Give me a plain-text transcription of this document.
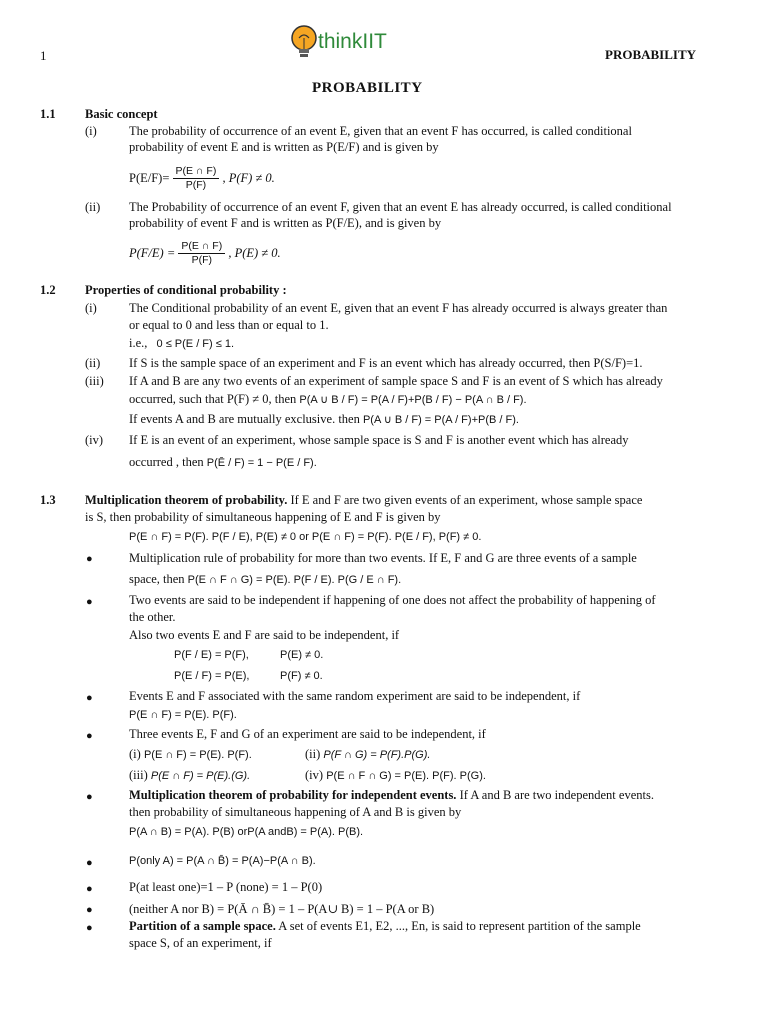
1
thinkIIT
PROBABILITY
PROBABILITY
1.1 Basic concept
(i)	The probability of occurrence of an event E, given that an event F has occurred, is called conditional
probability of event E and is written as P(E/F) and is given by
$P(E/F)= \frac{P(E \cap F)}{P(F)}$ , P(F) ≠ 0.
(ii) The Probability of occurrence of an event F, given that an event E has already occurred, is called conditional
probability of event F and is written as P(F/E), and is given by
$P(F/E) = \frac{P(E \cap F)}{P(F)}$ , P(E) ≠ 0.
1.2 Properties of conditional probability :
(i)	The Conditional probability of an event E, given that an event F has already occurred is always greater than
or equal to 0 and less than or equal to 1.
i.e., 0 ≤ P(E / F) ≤ 1.
(ii) If S is the sample space of an experiment and F is an event which has already occurred, then P(S/F)=1.
(iii) If A and B are any two events of an experiment of sample space S and F is an event of S which has already
occurred, such that P(F) ≠ 0, then P(A ∪ B / F) = P(A / F)+P(B / F) − P(A ∩ B / F).
If events A and B are mutually exclusive. then P(A ∪ B / F) = P(A / F)+P(B / F).
(iv) If E is an event of an experiment, whose sample space is S and F is another event which has already
occurred , then P(Ē / F) = 1 − P(E / F).
1.3 Multiplication theorem of probability. If E and F are two given events of an experiment, whose sample space
is S, then probability of simultaneous happening of E and F is given by
P(E ∩ F) = P(F). P(F / E), P(E) ≠ 0 or P(E ∩ F) = P(F). P(E / F), P(F) ≠ 0.
●	Multiplication rule of probability for more than two events. If E, F and G are three events of a sample
space, then P(E ∩ F ∩ G) = P(E). P(F / E). P(G / E ∩ F).
●	Two events are said to be independent if happening of one does not affect the probability of happening of
the other.
Also two events E and F are said to be independent, if
P(F / E) = P(F),	P(E) ≠ 0.
P(E / F) = P(E),	P(F) ≠ 0.
●	Events E and F associated with the same random experiment are said to be independent, if
P(E ∩ F) = P(E). P(F).
●	Three events E, F and G of an experiment are said to be independent, if
(i) P(E ∩ F) = P(E). P(F).	(ii) P(F ∩ G) = P(F).P(G).
(iii) P(E ∩ F) = P(E).(G).	(iv) P(E ∩ F ∩ G) = P(E). P(F). P(G).
●	Multiplication theorem of probability for independent events. If A and B are two independent events.
then probability of simultaneous happening of A and B is given by
P(A ∩ B) = P(A). P(B) orP(A andB) = P(A). P(B).
●	P(only A) = P(A ∩ B̄) = P(A)−P(A ∩ B).
●	P(at least one)=1 – P (none) = 1 – P(0)
●	(neither A nor B) = P(Ā ∩ B̄) = 1 – P(A∪ B) = 1 – P(A or B)
●	Partition of a sample space. A set of events E1, E2, ..., En, is said to represent partition of the sample
space S, of an experiment, if
